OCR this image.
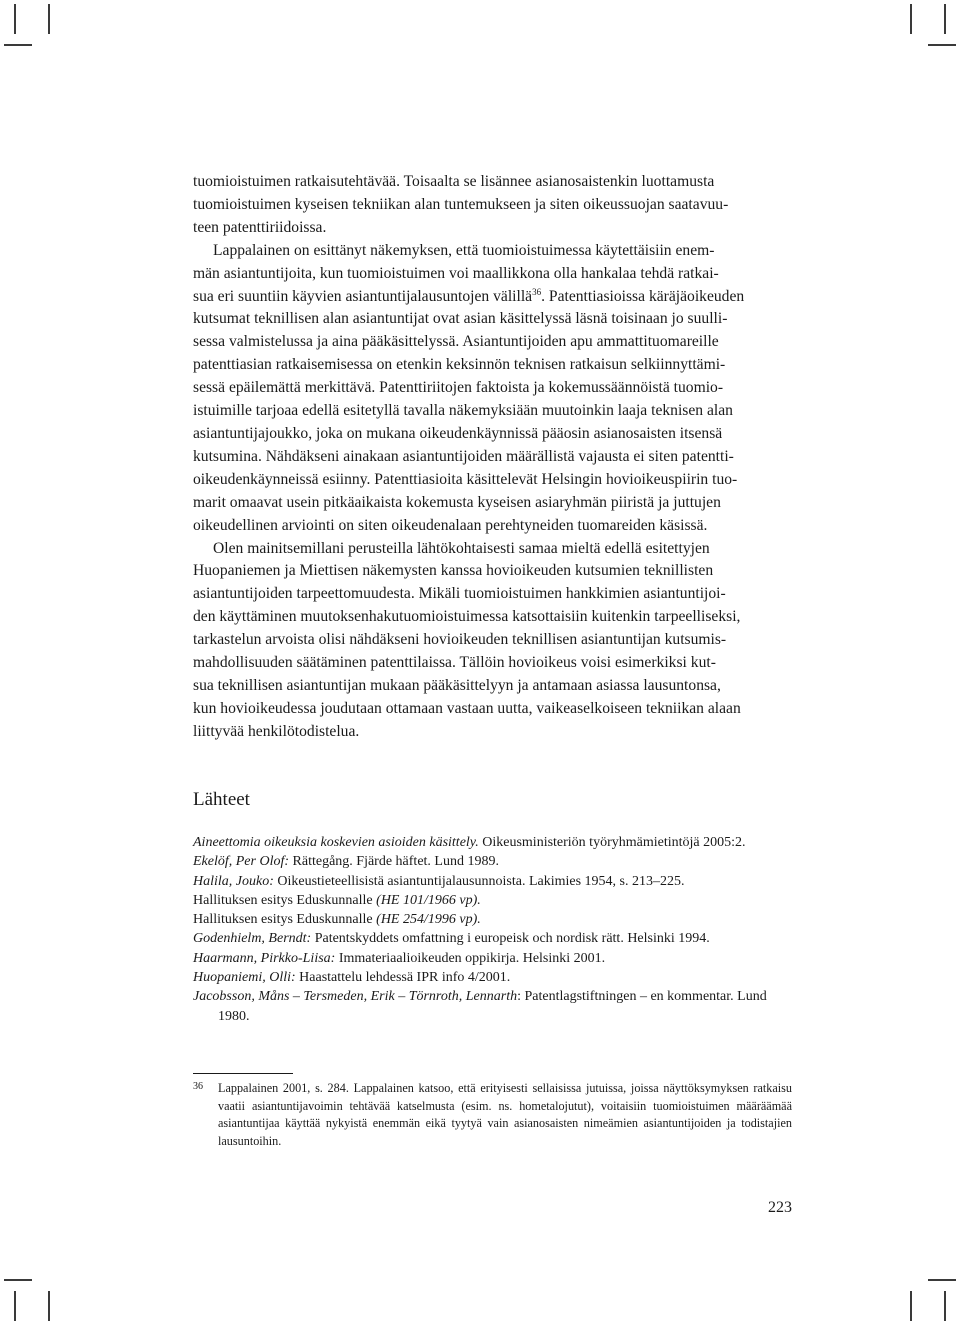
tuomioistuimen ratkaisutehtävää. Toisaalta se lisännee asianosaistenkin luottamusta
tuomioistuimen kyseisen tekniikan alan tuntemukseen ja siten oikeussuojan saatavuu-
teen patenttiriidoissa.

Lappalainen on esittänyt näkemyksen, että tuomioistuimessa käytettäisiin enem-
män asiantuntijoita, kun tuomioistuimen voi maallikkona olla hankalaa tehdä ratkai-
sua eri suuntiin käyvien asiantuntijalausuntojen välillä$^{36}$. Patenttiasioissa käräjäoikeuden
kutsumat teknillisen alan asiantuntijat ovat asian käsittelyssä läsnä toisinaan jo suulli-
sessa valmistelussa ja aina pääkäsittelyssä. Asiantuntijoiden apu ammattituomareille
patenttiasian ratkaisemisessa on etenkin keksinnön teknisen ratkaisun selkiinnyttämi-
sessä epäilemättä merkittävä. Patenttiriitojen faktoista ja kokemussäännöistä tuomio-
istuimille tarjoaa edellä esitetyllä tavalla näkemyksiään muutoinkin laaja teknisen alan
asiantuntijajoukko, joka on mukana oikeudenkäynnissä pääosin asianosaisten itsensä
kutsumina. Nähdäkseni ainakaan asiantuntijoiden määrällistä vajausta ei siten patentti-
oikeudenkäynneissä esiinny. Patenttiasioita käsittelevät Helsingin hovioikeuspiirin tuo-
marit omaavat usein pitkäaikaista kokemusta kyseisen asiaryhmän piiristä ja juttujen
oikeudellinen arviointi on siten oikeudenalaan perehtyneiden tuomareiden käsissä.

Olen mainitsemillani perusteilla lähtökohtaisesti samaa mieltä edellä esitettyjen
Huopaniemen ja Miettisen näkemysten kanssa hovioikeuden kutsumien teknillisten
asiantuntijoiden tarpeettomuudesta. Mikäli tuomioistuimen hankkimien asiantuntijoi-
den käyttäminen muutoksenhakutuomioistuimessa katsottaisiin kuitenkin tarpeelliseksi,
tarkastelun arvoista olisi nähdäkseni hovioikeuden teknillisen asiantuntijan kutsumis-
mahdollisuuden säätäminen patenttilaissa. Tällöin hovioikeus voisi esimerkiksi kut-
sua teknillisen asiantuntijan mukaan pääkäsittelyyn ja antamaan asiassa lausuntonsa,
kun hovioikeudessa joudutaan ottamaan vastaan uutta, vaikeaselkoiseen tekniikan alaan
liittyvää henkilötodistelua.

Lähteet
Aineettomia oikeuksia koskevien asioiden käsittely. Oikeusministeriön työryhmämietintöjä 2005:2.
Ekelöf, Per Olof: Rättegång. Fjärde häftet. Lund 1989.
Halila, Jouko: Oikeustieteellisistä asiantuntijalausunnoista. Lakimies 1954, s. 213–225.
Hallituksen esitys Eduskunnalle (HE 101/1966 vp).
Hallituksen esitys Eduskunnalle (HE 254/1996 vp).
Godenhielm, Berndt: Patentskyddets omfattning i europeisk och nordisk rätt. Helsinki 1994.
Haarmann, Pirkko-Liisa: Immateriaalioikeuden oppikirja. Helsinki 2001.
Huopaniemi, Olli: Haastattelu lehdessä IPR info 4/2001.
Jacobsson, Måns – Tersmeden, Erik – Törnroth, Lennarth: Patentlagstiftningen – en kommentar. Lund 1980.
36 Lappalainen 2001, s. 284. Lappalainen katsoo, että erityisesti sellaisissa jutuissa, joissa näyttöksymyksen ratkaisu vaatii asiantuntijavoimin tehtävää katselmusta (esim. ns. hometalojutut), voitaisiin tuomioistuimen määräämää asiantuntijaa käyttää nykyistä enemmän eikä tyytyä vain asianosaisten nimeämien asiantuntijoiden ja todistajien lausuntoihin.
223
